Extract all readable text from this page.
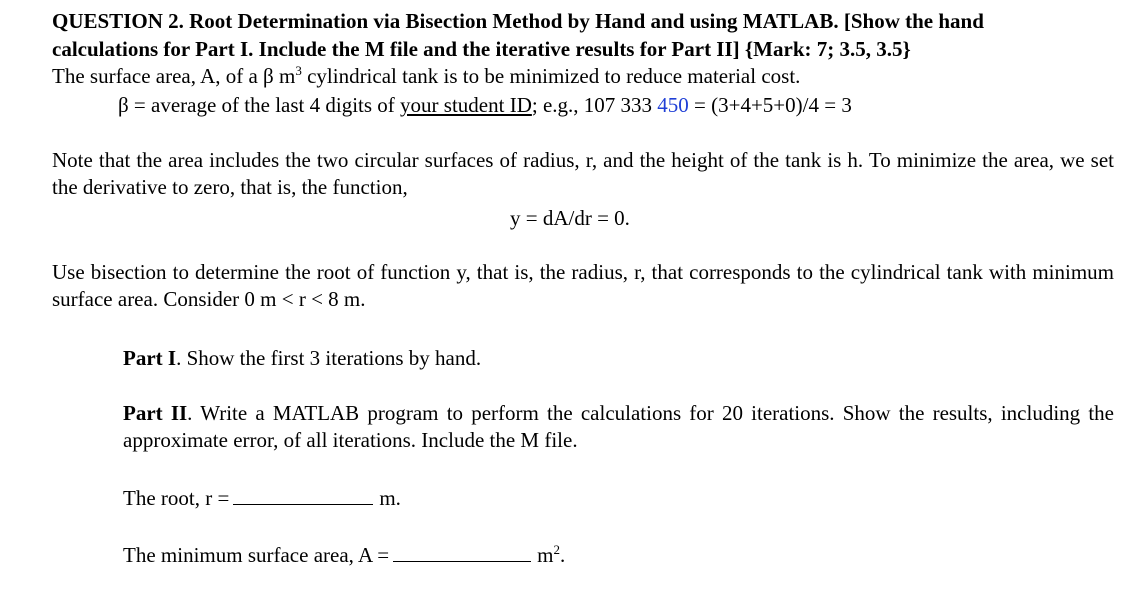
QUESTION 2. Root Determination via Bisection Method by Hand and using MATLAB. [Show the hand
calculations for Part I. Include the M file and the iterative results for Part II] {Mark: 7; 3.5, 3.5}
The surface area, A, of a β $m^3$ cylindrical tank is to be minimized to reduce material cost.
β = average of the last 4 digits of your student ID; e.g., 107 333 450 = (3+4+5+0)/4 = 3
Note that the area includes the two circular surfaces of radius, r, and the height of the tank is h. To minimize the area, we set the derivative to zero, that is, the function,
y = dA/dr = 0.
Use bisection to determine the root of function y, that is, the radius, r, that corresponds to the cylindrical tank with minimum surface area. Consider 0 m < r < 8 m.
Part I. Show the first 3 iterations by hand.
Part II. Write a MATLAB program to perform the calculations for 20 iterations. Show the results, including the approximate error, of all iterations. Include the M file.
The root, r =	m.
The minimum surface area, A =	$m^2$.
